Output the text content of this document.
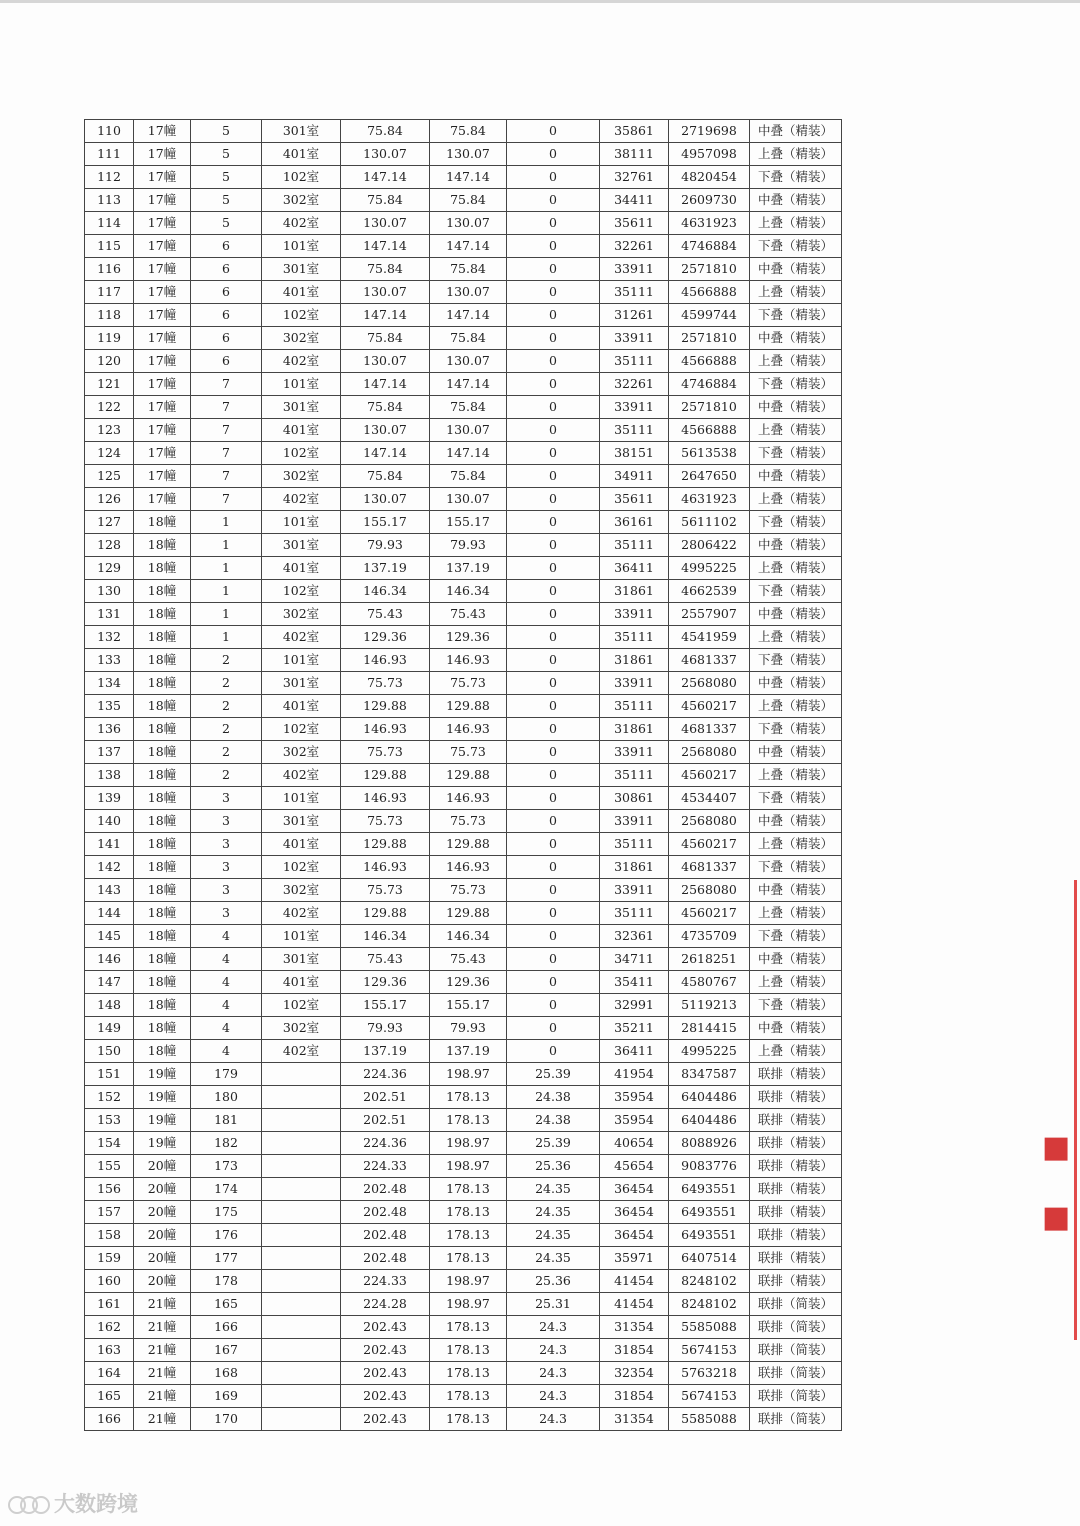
110	17幢	5	301室	75.84	75.84	0	35861	2719698	中叠（精装）
111	17幢	5	401室	130.07	130.07	0	38111	4957098	上叠（精装）
112	17幢	5	102室	147.14	147.14	0	32761	4820454	下叠（精装）
113	17幢	5	302室	75.84	75.84	0	34411	2609730	中叠（精装）
114	17幢	5	402室	130.07	130.07	0	35611	4631923	上叠（精装）
115	17幢	6	101室	147.14	147.14	0	32261	4746884	下叠（精装）
116	17幢	6	301室	75.84	75.84	0	33911	2571810	中叠（精装）
117	17幢	6	401室	130.07	130.07	0	35111	4566888	上叠（精装）
118	17幢	6	102室	147.14	147.14	0	31261	4599744	下叠（精装）
119	17幢	6	302室	75.84	75.84	0	33911	2571810	中叠（精装）
120	17幢	6	402室	130.07	130.07	0	35111	4566888	上叠（精装）
121	17幢	7	101室	147.14	147.14	0	32261	4746884	下叠（精装）
122	17幢	7	301室	75.84	75.84	0	33911	2571810	中叠（精装）
123	17幢	7	401室	130.07	130.07	0	35111	4566888	上叠（精装）
124	17幢	7	102室	147.14	147.14	0	38151	5613538	下叠（精装）
125	17幢	7	302室	75.84	75.84	0	34911	2647650	中叠（精装）
126	17幢	7	402室	130.07	130.07	0	35611	4631923	上叠（精装）
127	18幢	1	101室	155.17	155.17	0	36161	5611102	下叠（精装）
128	18幢	1	301室	79.93	79.93	0	35111	2806422	中叠（精装）
129	18幢	1	401室	137.19	137.19	0	36411	4995225	上叠（精装）
130	18幢	1	102室	146.34	146.34	0	31861	4662539	下叠（精装）
131	18幢	1	302室	75.43	75.43	0	33911	2557907	中叠（精装）
132	18幢	1	402室	129.36	129.36	0	35111	4541959	上叠（精装）
133	18幢	2	101室	146.93	146.93	0	31861	4681337	下叠（精装）
134	18幢	2	301室	75.73	75.73	0	33911	2568080	中叠（精装）
135	18幢	2	401室	129.88	129.88	0	35111	4560217	上叠（精装）
136	18幢	2	102室	146.93	146.93	0	31861	4681337	下叠（精装）
137	18幢	2	302室	75.73	75.73	0	33911	2568080	中叠（精装）
138	18幢	2	402室	129.88	129.88	0	35111	4560217	上叠（精装）
139	18幢	3	101室	146.93	146.93	0	30861	4534407	下叠（精装）
140	18幢	3	301室	75.73	75.73	0	33911	2568080	中叠（精装）
141	18幢	3	401室	129.88	129.88	0	35111	4560217	上叠（精装）
142	18幢	3	102室	146.93	146.93	0	31861	4681337	下叠（精装）
143	18幢	3	302室	75.73	75.73	0	33911	2568080	中叠（精装）
144	18幢	3	402室	129.88	129.88	0	35111	4560217	上叠（精装）
145	18幢	4	101室	146.34	146.34	0	32361	4735709	下叠（精装）
146	18幢	4	301室	75.43	75.43	0	34711	2618251	中叠（精装）
147	18幢	4	401室	129.36	129.36	0	35411	4580767	上叠（精装）
148	18幢	4	102室	155.17	155.17	0	32991	5119213	下叠（精装）
149	18幢	4	302室	79.93	79.93	0	35211	2814415	中叠（精装）
150	18幢	4	402室	137.19	137.19	0	36411	4995225	上叠（精装）
151	19幢	179		224.36	198.97	25.39	41954	8347587	联排（精装）
152	19幢	180		202.51	178.13	24.38	35954	6404486	联排（精装）
153	19幢	181		202.51	178.13	24.38	35954	6404486	联排（精装）
154	19幢	182		224.36	198.97	25.39	40654	8088926	联排（精装）
155	20幢	173		224.33	198.97	25.36	45654	9083776	联排（精装）
156	20幢	174		202.48	178.13	24.35	36454	6493551	联排（精装）
157	20幢	175		202.48	178.13	24.35	36454	6493551	联排（精装）
158	20幢	176		202.48	178.13	24.35	36454	6493551	联排（精装）
159	20幢	177		202.48	178.13	24.35	35971	6407514	联排（精装）
160	20幢	178		224.33	198.97	25.36	41454	8248102	联排（精装）
161	21幢	165		224.28	198.97	25.31	41454	8248102	联排（简装）
162	21幢	166		202.43	178.13	24.3	31354	5585088	联排（简装）
163	21幢	167		202.43	178.13	24.3	31854	5674153	联排（简装）
164	21幢	168		202.43	178.13	24.3	32354	5763218	联排（简装）
165	21幢	169		202.43	178.13	24.3	31854	5674153	联排（简装）
166	21幢	170		202.43	178.13	24.3	31354	5585088	联排（简装）
■
■
大数跨境
